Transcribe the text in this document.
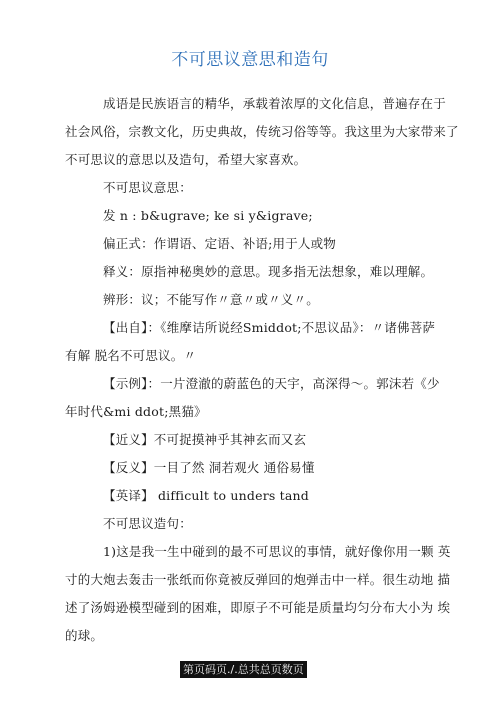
不可思议意思和造句
成语是民族语言的精华，承载着浓厚的文化信息，普遍存在于
社会风俗，宗教文化，历史典故，传统习俗等等。我这里为大家带来了
不可思议的意思以及造句，希望大家喜欢。
不可思议意思：
发 n : b&ugrave; ke si y&igrave;
偏正式：作谓语、定语、补语;用于人或物
释义：原指神秘奥妙的意思。现多指无法想象，难以理解。
辨形：议；不能写作〃意〃或〃义〃。
【出自】：《维摩诘所说经Smiddot;不思议品》：〃诸佛菩萨
有解 脱名不可思议。〃
【示例】：一片澄澈的蔚蓝色的天宇，高深得～。郭沫若《少
年时代&mi ddot;黑猫》
【近义】不可捉摸神乎其神玄而又玄
【反义】一目了然 洞若观火 通俗易懂
【英译】 difficult to unders tand
不可思议造句：
1)这是我一生中碰到的最不可思议的事情，就好像你用一颗 英
寸的大炮去轰击一张纸而你竟被反弹回的炮弹击中一样。很生动地 描
述了汤姆逊模型碰到的困难，即原子不可能是质量均匀分布大小为 埃
的球。
第页码页./.总共总页数页
